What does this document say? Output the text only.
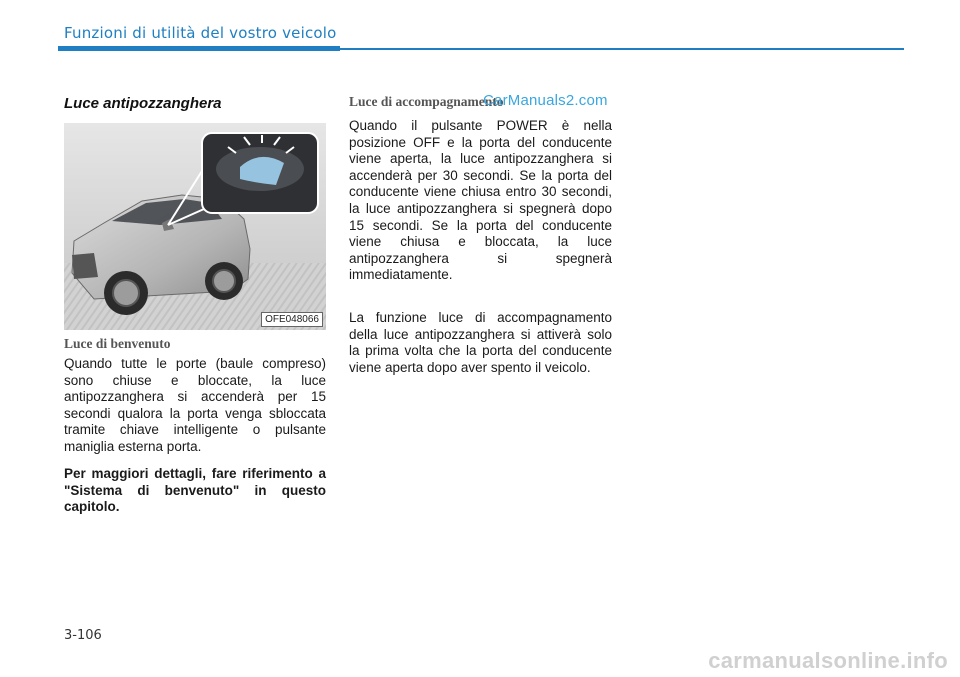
Funzioni di utilità del vostro veicolo
Luce antipozzanghera
OFE048066
Luce di benvenuto

Quando tutte le porte (baule compreso) sono chiuse e bloccate, la luce antipozzanghera si accenderà per 15 secondi qualora la porta venga sbloccata tramite chiave intelligente o pulsante maniglia esterna porta.

Per maggiori dettagli, fare riferimento a "Sistema di benvenuto" in questo capitolo.

Luce di accompagnamento
CarManuals2.com

Quando il pulsante POWER è nella posizione OFF e la porta del conducente viene aperta, la luce antipozzanghera si accenderà per 30 secondi. Se la porta del conducente viene chiusa entro 30 secondi, la luce antipozzanghera si spegnerà dopo 15 secondi. Se la porta del conducente viene chiusa e bloccata, la luce antipozzanghera si spegnerà immediatamente.

La funzione luce di accompagnamento della luce antipozzanghera si attiverà solo la prima volta che la porta del conducente viene aperta dopo aver spento il veicolo.

3-106
carmanualsonline.info
